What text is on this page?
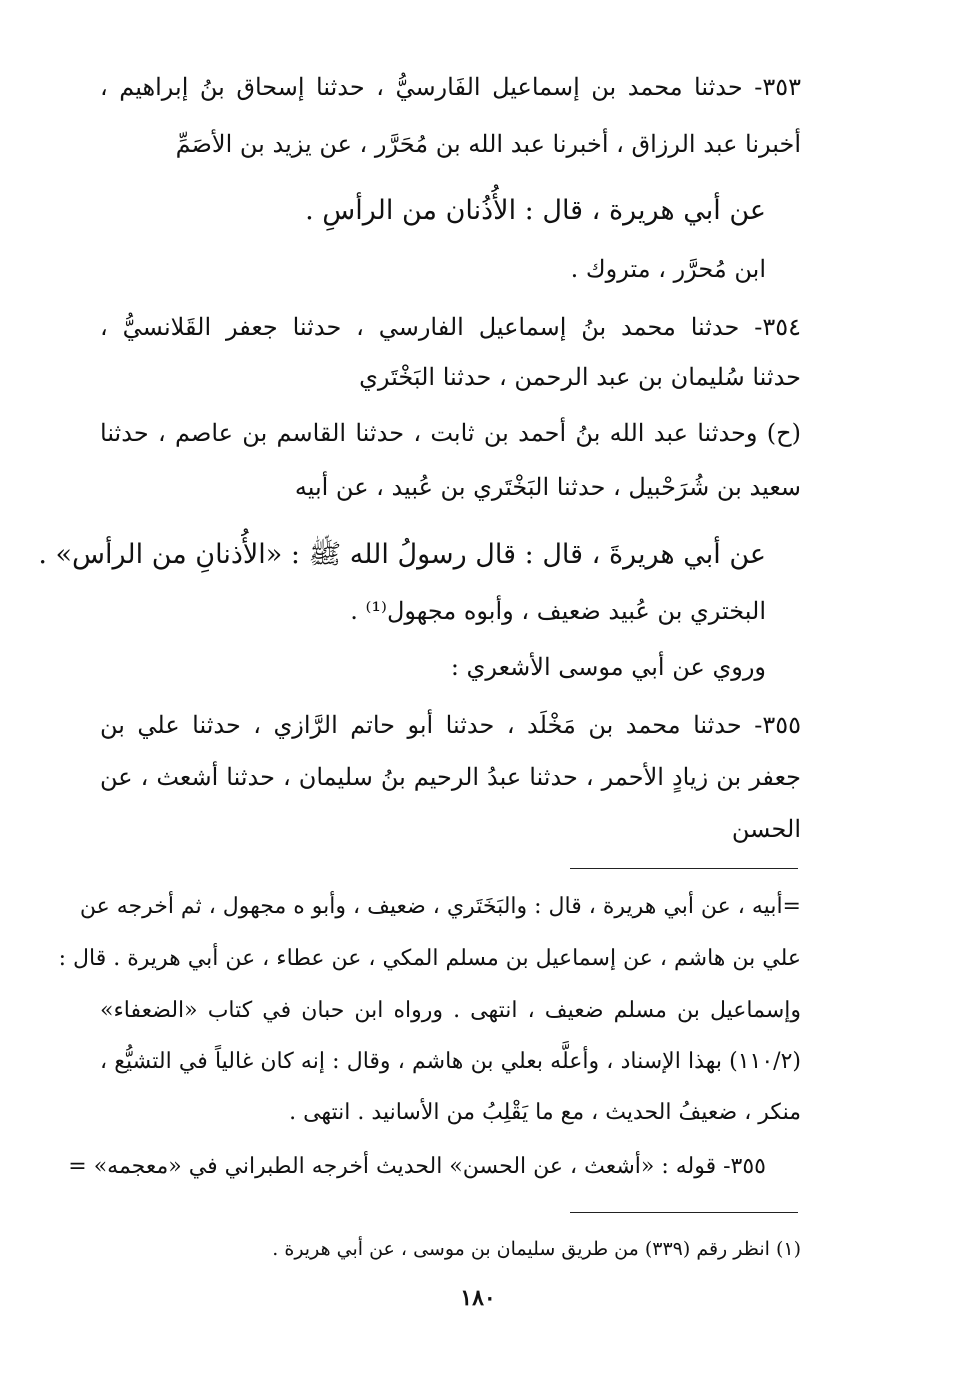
٣٥٣- حدثنا محمد بن إسماعيل الفَارسيُّ ، حدثنا إسحاق بنُ إبراهيم ،
أخبرنا عبد الرزاق ، أخبرنا عبد الله بن مُحَرَّر ، عن يزيد بن الأصَمِّ
عن أبي هريرة ، قال : الأُذُنان من الرأسِ .
ابن مُحرَّر ، متروك .
٣٥٤- حدثنا محمد بنُ إسماعيل الفارسي ، حدثنا جعفر القَلانسيُّ ،
حدثنا سُليمان بن عبد الرحمن ، حدثنا البَخْتَري
(ح) وحدثنا عبد الله بنُ أحمد بن ثابت ، حدثنا القاسم بن عاصم ، حدثنا
سعيد بن شُرَحْبيل ، حدثنا البَخْتَري بن عُبيد ، عن أبيه
عن أبي هريرةَ ، قال : قال رسولُ الله ﷺ : «الأُذنانِ من الرأس» .
البختري بن عُبيد ضعيف ، وأبوه مجهول⁽¹⁾ .
وروي عن أبي موسى الأشعري :
٣٥٥- حدثنا محمد بن مَخْلَد ، حدثنا أبو حاتم الرَّازي ، حدثنا علي بن
جعفر بن زيادٍ الأحمر ، حدثنا عبدُ الرحيم بنُ سليمان ، حدثنا أشعث ، عن
الحسن
=أبيه ، عن أبي هريرة ، قال : والبَخَتَري ، ضعيف ، وأبو ه مجهول ، ثم أخرجه عن
علي بن هاشم ، عن إسماعيل بن مسلم المكي ، عن عطاء ، عن أبي هريرة . قال :
وإسماعيل بن مسلم ضعيف ، انتهى . ورواه ابن حبان في كتاب «الضعفاء»
(١١٠/٢) بهذا الإسناد ، وأعلَّه بعلي بن هاشم ، وقال : إنه كان غالياً في التشيُّع ،
منكر ، ضعيفُ الحديث ، مع ما يَقْلِبُ من الأسانيد . انتهى .
٣٥٥- قوله : «أشعث ، عن الحسن» الحديث أخرجه الطبراني في «معجمه» =
(١) انظر رقم (٣٣٩) من طريق سليمان بن موسى ، عن أبي هريرة .
١٨٠
